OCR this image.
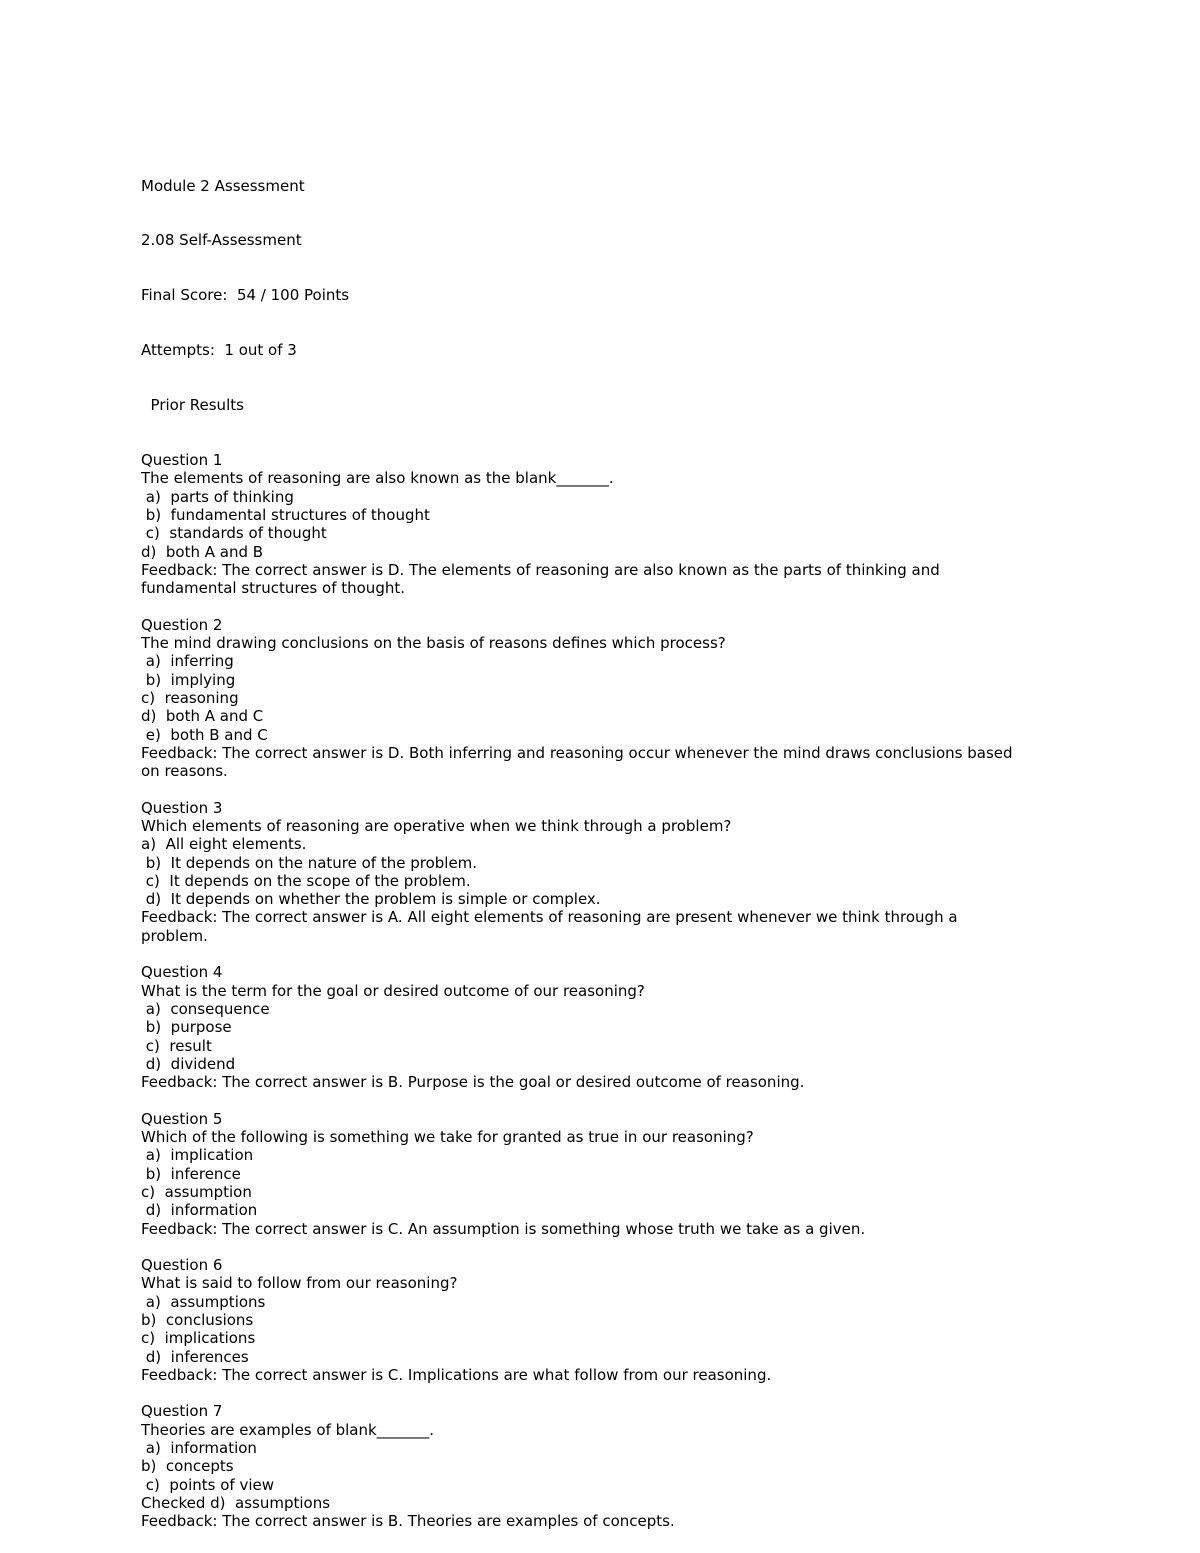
Module 2 Assessment

2.08 Self-Assessment

Final Score:  54 / 100 Points

Attempts:  1 out of 3

Prior Results

Question 1
The elements of reasoning are also known as the blank_______.
a)  parts of thinking
b)  fundamental structures of thought
c)  standards of thought
d)  both A and B
Feedback: The correct answer is D. The elements of reasoning are also known as the parts of thinking and
fundamental structures of thought.
Question 2
The mind drawing conclusions on the basis of reasons defines which process?
a)  inferring
b)  implying
c)  reasoning
d)  both A and C
e)  both B and C
Feedback: The correct answer is D. Both inferring and reasoning occur whenever the mind draws conclusions based
on reasons.
Question 3
Which elements of reasoning are operative when we think through a problem?
a)  All eight elements.
b)  It depends on the nature of the problem.
c)  It depends on the scope of the problem.
d)  It depends on whether the problem is simple or complex.
Feedback: The correct answer is A. All eight elements of reasoning are present whenever we think through a
problem.
Question 4
What is the term for the goal or desired outcome of our reasoning?
a)  consequence
b)  purpose
c)  result
d)  dividend
Feedback: The correct answer is B. Purpose is the goal or desired outcome of reasoning.
Question 5
Which of the following is something we take for granted as true in our reasoning?
a)  implication
b)  inference
c)  assumption
d)  information
Feedback: The correct answer is C. An assumption is something whose truth we take as a given.
Question 6
What is said to follow from our reasoning?
a)  assumptions
b)  conclusions
c)  implications
d)  inferences
Feedback: The correct answer is C. Implications are what follow from our reasoning.
Question 7
Theories are examples of blank_______.
a)  information
b)  concepts
c)  points of view
Checked d)  assumptions
Feedback: The correct answer is B. Theories are examples of concepts.
